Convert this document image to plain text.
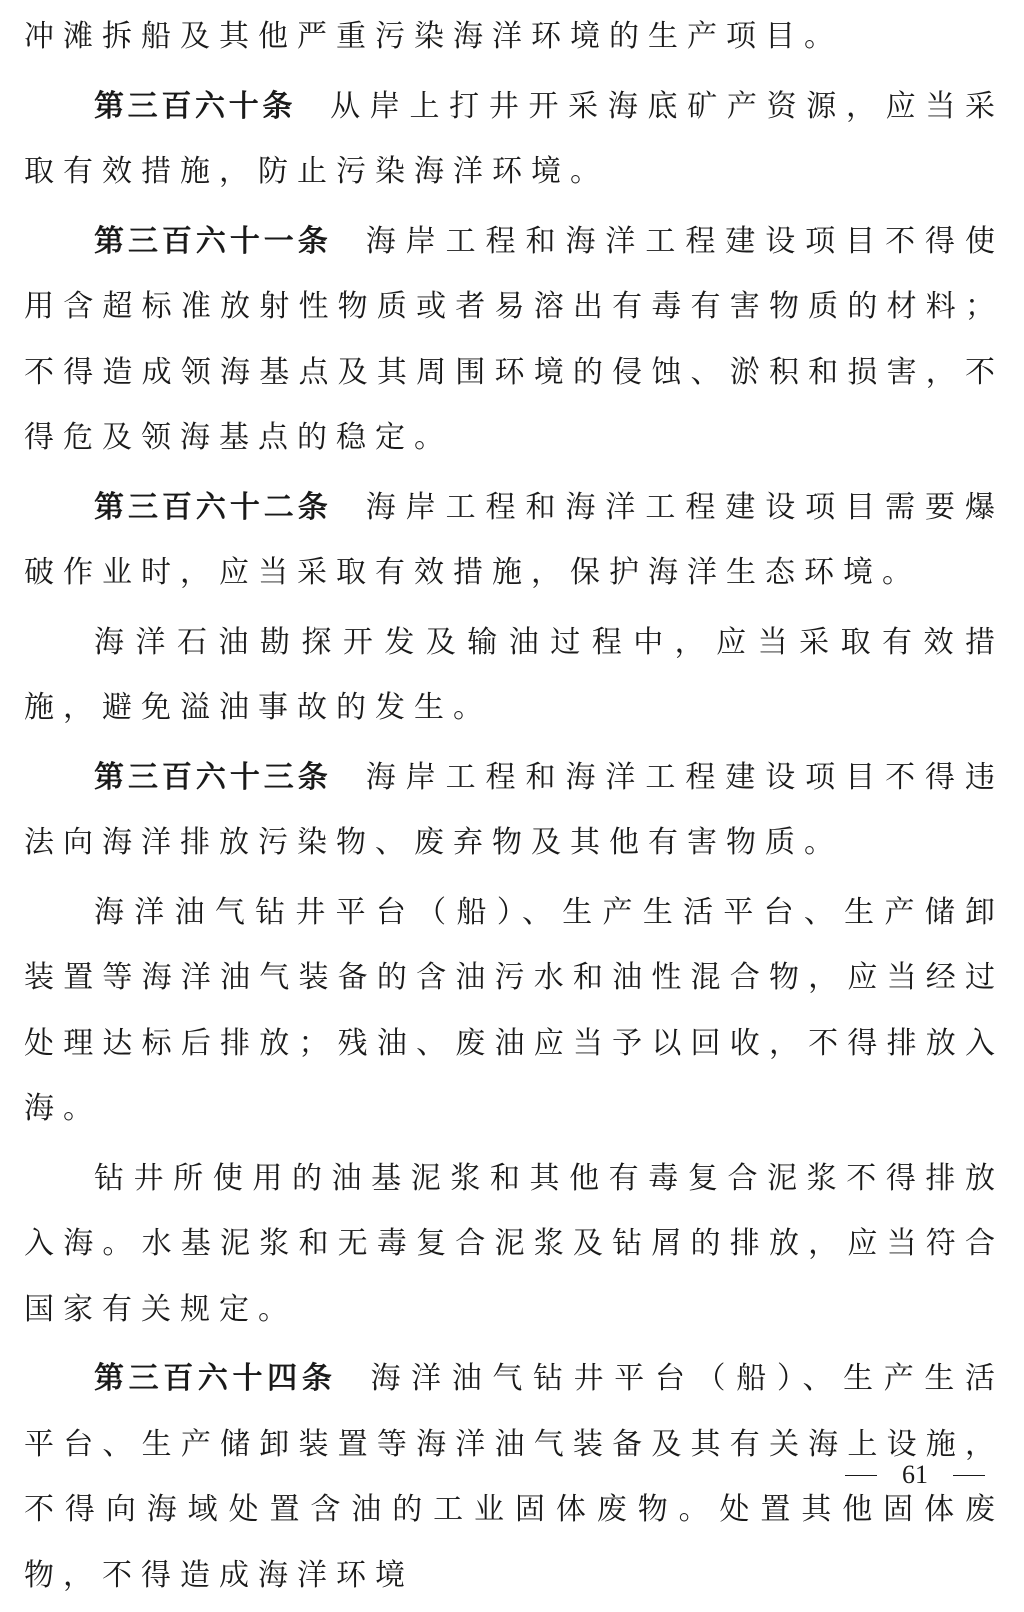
冲滩拆船及其他严重污染海洋环境的生产项目。

第三百六十条 从岸上打井开采海底矿产资源，应当采取有效措施，防止污染海洋环境。

第三百六十一条 海岸工程和海洋工程建设项目不得使用含超标准放射性物质或者易溶出有毒有害物质的材料；不得造成领海基点及其周围环境的侵蚀、淤积和损害，不得危及领海基点的稳定。

第三百六十二条 海岸工程和海洋工程建设项目需要爆破作业时，应当采取有效措施，保护海洋生态环境。

海洋石油勘探开发及输油过程中，应当采取有效措施，避免溢油事故的发生。

第三百六十三条 海岸工程和海洋工程建设项目不得违法向海洋排放污染物、废弃物及其他有害物质。

海洋油气钻井平台（船）、生产生活平台、生产储卸装置等海洋油气装备的含油污水和油性混合物，应当经过处理达标后排放；残油、废油应当予以回收，不得排放入海。

钻井所使用的油基泥浆和其他有毒复合泥浆不得排放入海。水基泥浆和无毒复合泥浆及钻屑的排放，应当符合国家有关规定。

第三百六十四条 海洋油气钻井平台（船）、生产生活平台、生产储卸装置等海洋油气装备及其有关海上设施，不得向海域处置含油的工业固体废物。处置其他固体废物，不得造成海洋环境

61
